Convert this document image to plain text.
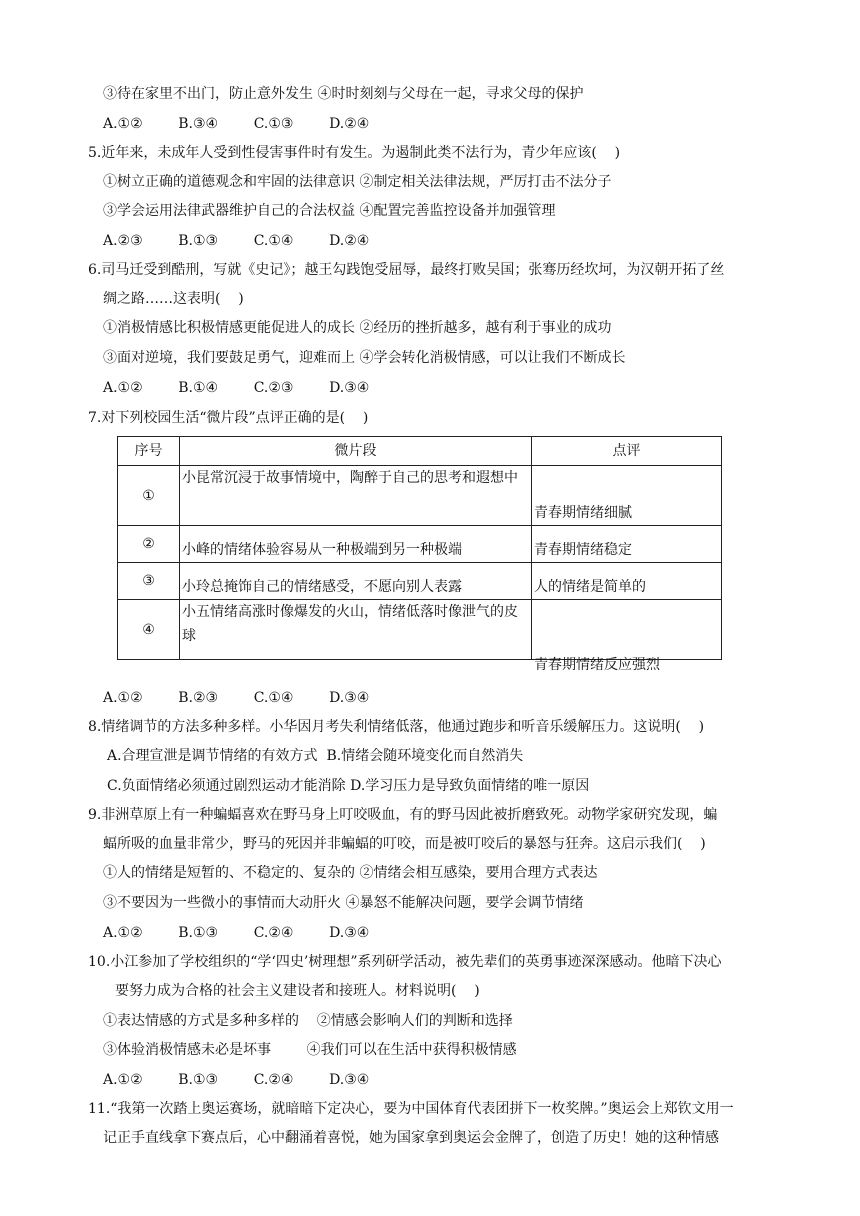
③待在家里不出门，防止意外发生 ④时时刻刻与父母在一起，寻求父母的保护
A.①②        B.③④        C.①③        D.②④
5.近年来，未成年人受到性侵害事件时有发生。为遏制此类不法行为，青少年应该(    )
①树立正确的道德观念和牢固的法律意识 ②制定相关法律法规，严厉打击不法分子
③学会运用法律武器维护自己的合法权益 ④配置完善监控设备并加强管理
A.②③        B.①③        C.①④        D.②④
6.司马迁受到酷刑，写就《史记》；越王勾践饱受屈辱，最终打败吴国；张骞历经坎坷，为汉朝开拓了丝
绸之路……这表明(    )
①消极情感比积极情感更能促进人的成长 ②经历的挫折越多，越有利于事业的成功
③面对逆境，我们要鼓足勇气，迎难而上 ④学会转化消极情感，可以让我们不断成长
A.①②        B.①④        C.②③        D.③④
7.对下列校园生活“微片段”点评正确的是(    )
序号	微片段	点评
①	小昆常沉浸于故事情境中，陶醉于自己的思考和遐想中	青春期情绪细腻
②	小峰的情绪体验容易从一种极端到另一种极端	青春期情绪稳定
③	小玲总掩饰自己的情绪感受，不愿向别人表露	人的情绪是简单的
④	小五情绪高涨时像爆发的火山，情绪低落时像泄气的皮球	青春期情绪反应强烈
A.①②        B.②③        C.①④        D.③④
8.情绪调节的方法多种多样。小华因月考失利情绪低落，他通过跑步和听音乐缓解压力。这说明(    )
A.合理宣泄是调节情绪的有效方式  B.情绪会随环境变化而自然消失
C.负面情绪必须通过剧烈运动才能消除 D.学习压力是导致负面情绪的唯一原因
9.非洲草原上有一种蝙蝠喜欢在野马身上叮咬吸血，有的野马因此被折磨致死。动物学家研究发现，蝙
蝠所吸的血量非常少，野马的死因并非蝙蝠的叮咬，而是被叮咬后的暴怒与狂奔。这启示我们(    )
①人的情绪是短暂的、不稳定的、复杂的 ②情绪会相互感染，要用合理方式表达
③不要因为一些微小的事情而大动肝火 ④暴怒不能解决问题，要学会调节情绪
A.①②        B.①③        C.②④        D.③④
10.小江参加了学校组织的“学‘四史’树理想”系列研学活动，被先辈们的英勇事迹深深感动。他暗下决心
要努力成为合格的社会主义建设者和接班人。材料说明(    )
①表达情感的方式是多种多样的    ②情感会影响人们的判断和选择
③体验消极情感未必是坏事        ④我们可以在生活中获得积极情感
A.①②        B.①③        C.②④        D.③④
11.“我第一次踏上奥运赛场，就暗暗下定决心，要为中国体育代表团拼下一枚奖牌。”奥运会上郑钦文用一
记正手直线拿下赛点后，心中翻涌着喜悦，她为国家拿到奥运会金牌了，创造了历史！她的这种情感
